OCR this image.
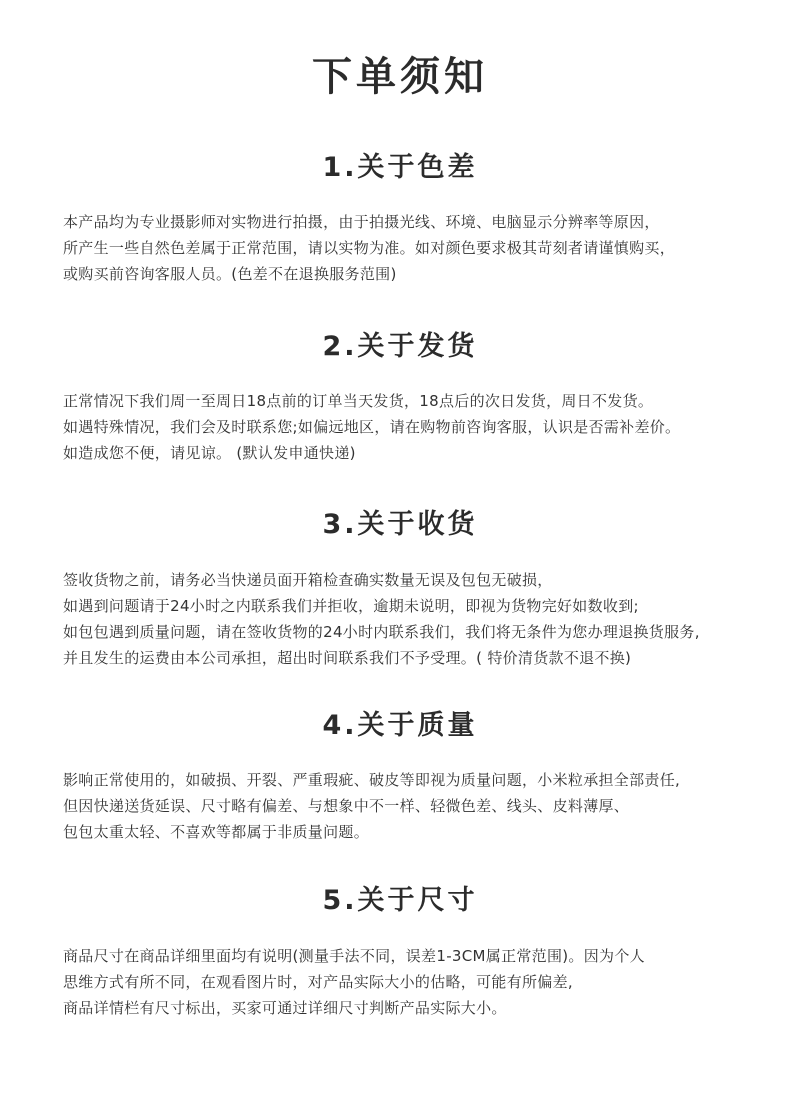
下单须知
1.关于色差
本产品均为专业摄影师对实物进行拍摄，由于拍摄光线、环境、电脑显示分辨率等原因，
所产生一些自然色差属于正常范围，请以实物为准。如对颜色要求极其苛刻者请谨慎购买，
或购买前咨询客服人员。(色差不在退换服务范围)
2.关于发货
正常情况下我们周一至周日18点前的订单当天发货，18点后的次日发货，周日不发货。
如遇特殊情况，我们会及时联系您;如偏远地区，请在购物前咨询客服，认识是否需补差价。
如造成您不便，请见谅。 (默认发申通快递)
3.关于收货
签收货物之前，请务必当快递员面开箱检查确实数量无误及包包无破损，
如遇到问题请于24小时之内联系我们并拒收，逾期未说明，即视为货物完好如数收到;
如包包遇到质量问题，请在签收货物的24小时内联系我们，我们将无条件为您办理退换货服务,
并且发生的运费由本公司承担，超出时间联系我们不予受理。( 特价清货款不退不换)
4.关于质量
影响正常使用的，如破损、开裂、严重瑕疵、破皮等即视为质量问题，小米粒承担全部责任,
但因快递送货延误、尺寸略有偏差、与想象中不一样、轻微色差、线头、皮料薄厚、
包包太重太轻、不喜欢等都属于非质量问题。
5.关于尺寸
商品尺寸在商品详细里面均有说明(测量手法不同，误差1-3CM属正常范围)。因为个人
思维方式有所不同，在观看图片时，对产品实际大小的估略，可能有所偏差,
商品详情栏有尺寸标出，买家可通过详细尺寸判断产品实际大小。
